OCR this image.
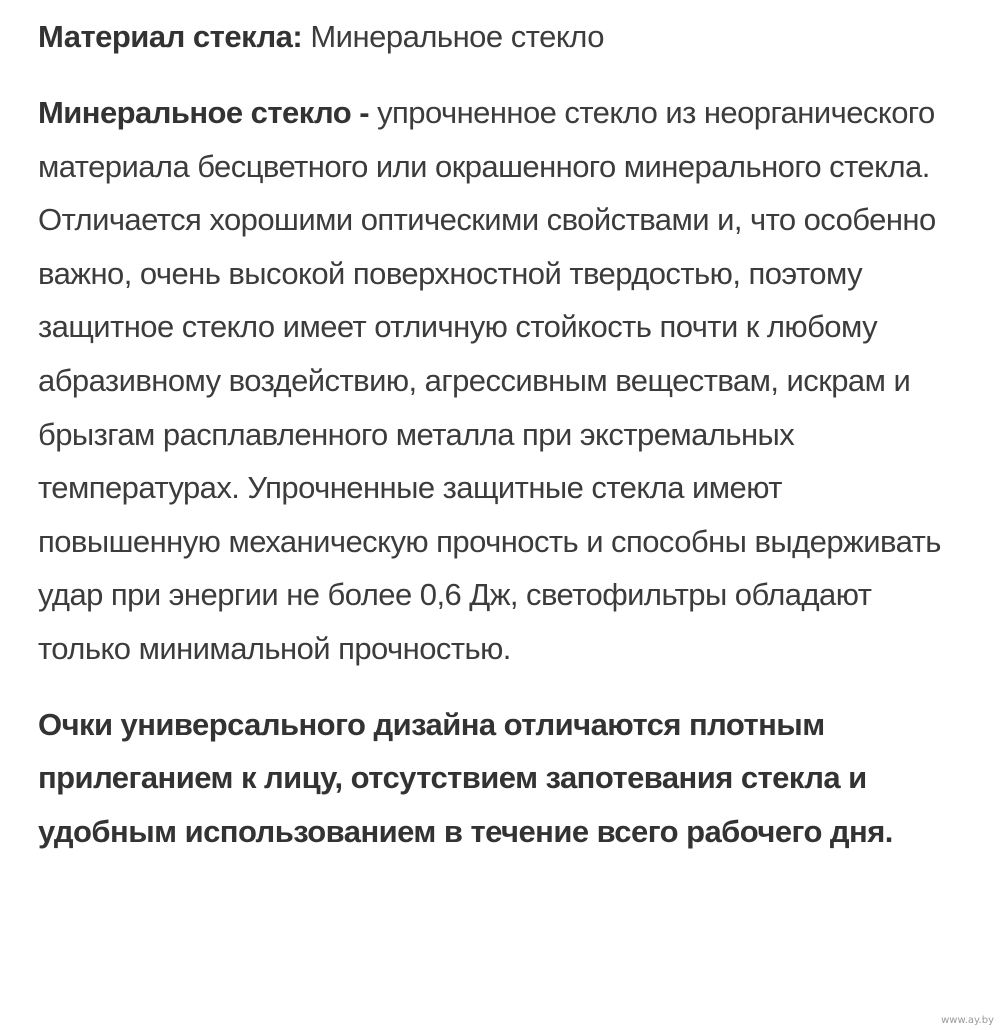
Материал стекла: Минеральное стекло

Минеральное стекло - упрочненное стекло из неорганического материала бесцветного или окрашенного минерального стекла. Отличается хорошими оптическими свойствами и, что особенно важно, очень высокой поверхностной твердостью, поэтому защитное стекло имеет отличную стойкость почти к любому абразивному воздействию, агрессивным веществам, искрам и брызгам расплавленного металла при экстремальных температурах. Упрочненные защитные стекла имеют повышенную механическую прочность и способны выдерживать удар при энергии не более 0,6 Дж, светофильтры обладают только минимальной прочностью.

Очки универсального дизайна отличаются плотным прилеганием к лицу, отсутствием запотевания стекла и удобным использованием в течение всего рабочего дня.

www.ay.by
